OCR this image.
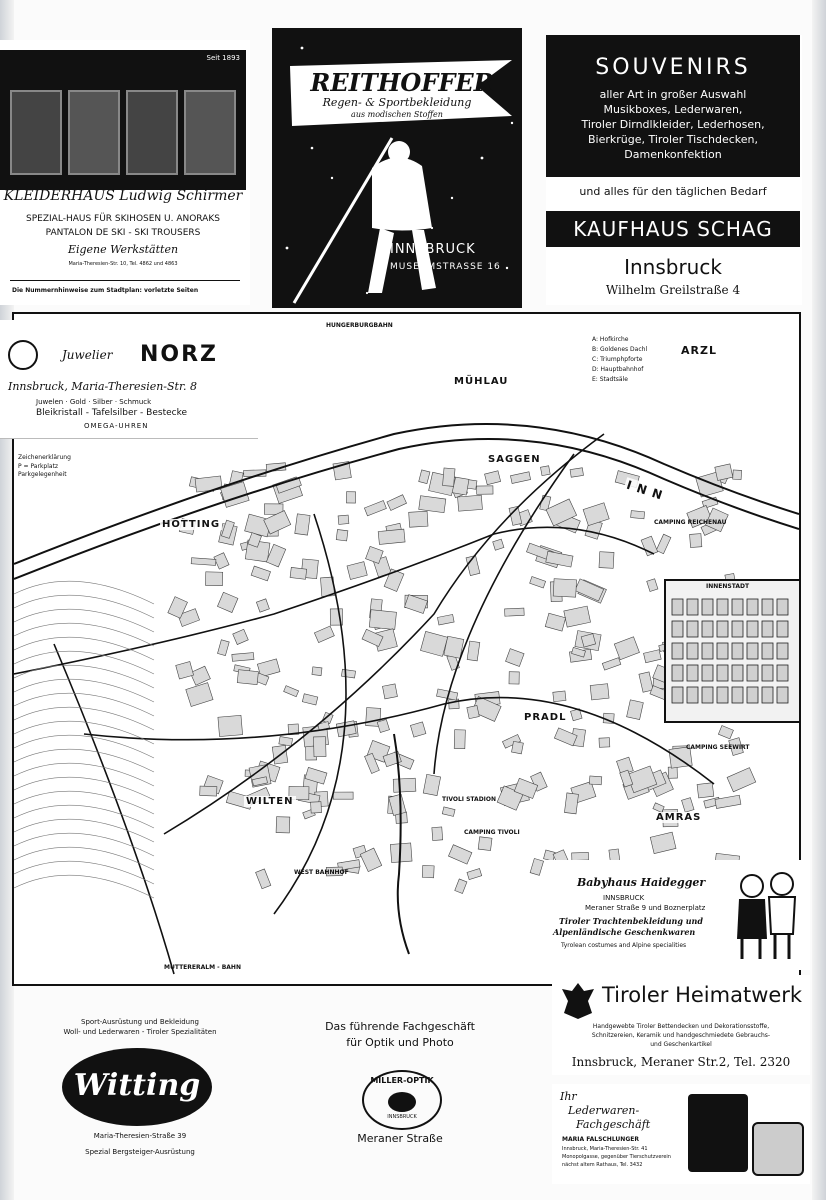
Seit 1893
KLEIDERHAUS Ludwig Schirmer
SPEZIAL-HAUS FÜR SKIHOSEN U. ANORAKS
PANTALON DE SKI - SKI TROUSERS
Eigene Werkstätten
Maria-Theresien-Str. 10, Tel. 4862 und 4863
Die Nummernhinweise zum Stadtplan: vorletzte Seiten
REITHOFFER
Regen- & Sportbekleidung
aus modischen Stoffen
INNSBRUCK
MUSEUMSTRASSE 16
SOUVENIRS
aller Art in großer Auswahl
Musikboxes, Lederwaren,
Tiroler Dirndlkleider, Lederhosen,
Bierkrüge, Tiroler Tischdecken,
Damenkonfektion
und alles für den täglichen Bedarf
KAUFHAUS SCHAG
Innsbruck
Wilhelm Greilstraße 4
INNENSTADT
A: Hofkirche
B: Goldenes Dachl
C: Triumphpforte
D: Hauptbahnhof
E: Stadtsäle
Zeichenerklärung
P = Parkplatz
Parkgelegenheit
ARZL
MÜHLAU
SAGGEN
HÖTTING
PRADL
WILTEN
AMRAS
INN
CAMPING REICHENAU
CAMPING TIVOLI
CAMPING SEEWIRT
MUTTERERALM - BAHN
WEST BAHNHOF
TIVOLI STADION
HUNGERBURGBAHN
Juwelier NORZ
Innsbruck, Maria-Theresien-Str. 8
Juwelen · Gold · Silber · Schmuck
Bleikristall - Tafelsilber - Bestecke
OMEGA-UHREN
Babyhaus Haidegger
INNSBRUCK
Meraner Straße 9 und Boznerplatz
Tiroler Trachtenbekleidung und
Alpenländische Geschenkwaren
Tyrolean costumes and Alpine specialities
Tiroler Heimatwerk
Handgewebte Tiroler Bettendecken und Dekorationsstoffe,
Schnitzereien, Keramik und handgeschmiedete Gebrauchs-
und Geschenkartikel
Innsbruck, Meraner Str.2, Tel. 2320
Sport-Ausrüstung und Bekleidung
Woll- und Lederwaren - Tiroler Spezialitäten
Witting
Maria-Theresien-Straße 39
Spezial Bergsteiger-Ausrüstung
Das führende Fachgeschäft
für Optik und Photo
MILLER-OPTIK
INNSBRUCK
Meraner Straße
Ihr
Lederwaren-
Fachgeschäft
MARIA FALSCHLUNGER
Innsbruck, Maria-Theresien-Str. 41
Monopolgasse, gegenüber Tierschutzverein
nächst altem Rathaus, Tel. 3432
